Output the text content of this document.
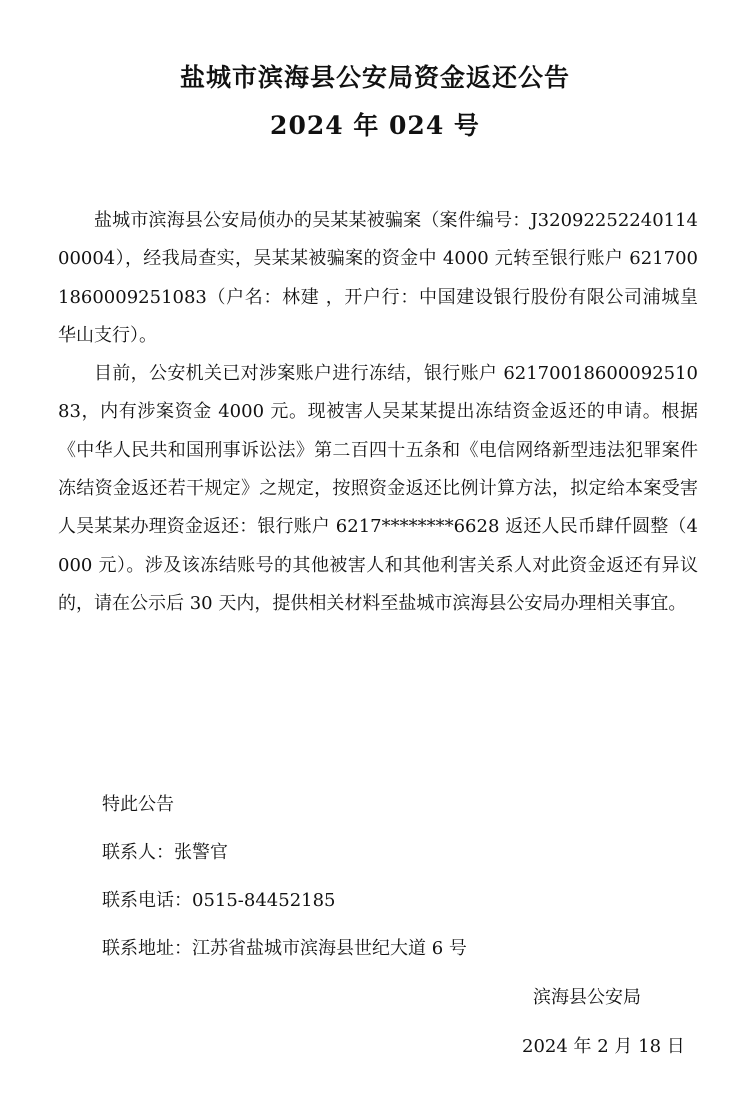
盐城市滨海县公安局资金返还公告
2024 年 024 号

盐城市滨海县公安局侦办的吴某某被骗案（案件编号：J3209225224011400004），经我局查实，吴某某被骗案的资金中 4000 元转至银行账户 6217001860009251083（户名：林建 ，开户行：中国建设银行股份有限公司浦城皇华山支行）。

目前，公安机关已对涉案账户进行冻结，银行账户 6217001860009251083，内有涉案资金 4000 元。现被害人吴某某提出冻结资金返还的申请。根据《中华人民共和国刑事诉讼法》第二百四十五条和《电信网络新型违法犯罪案件冻结资金返还若干规定》之规定，按照资金返还比例计算方法，拟定给本案受害人吴某某办理资金返还：银行账户 6217********6628 返还人民币肆仟圆整（4000 元）。涉及该冻结账号的其他被害人和其他利害关系人对此资金返还有异议的，请在公示后 30 天内，提供相关材料至盐城市滨海县公安局办理相关事宜。

特此公告
联系人：张警官
联系电话：0515-84452185
联系地址：江苏省盐城市滨海县世纪大道 6 号
滨海县公安局
2024 年 2 月 18 日
